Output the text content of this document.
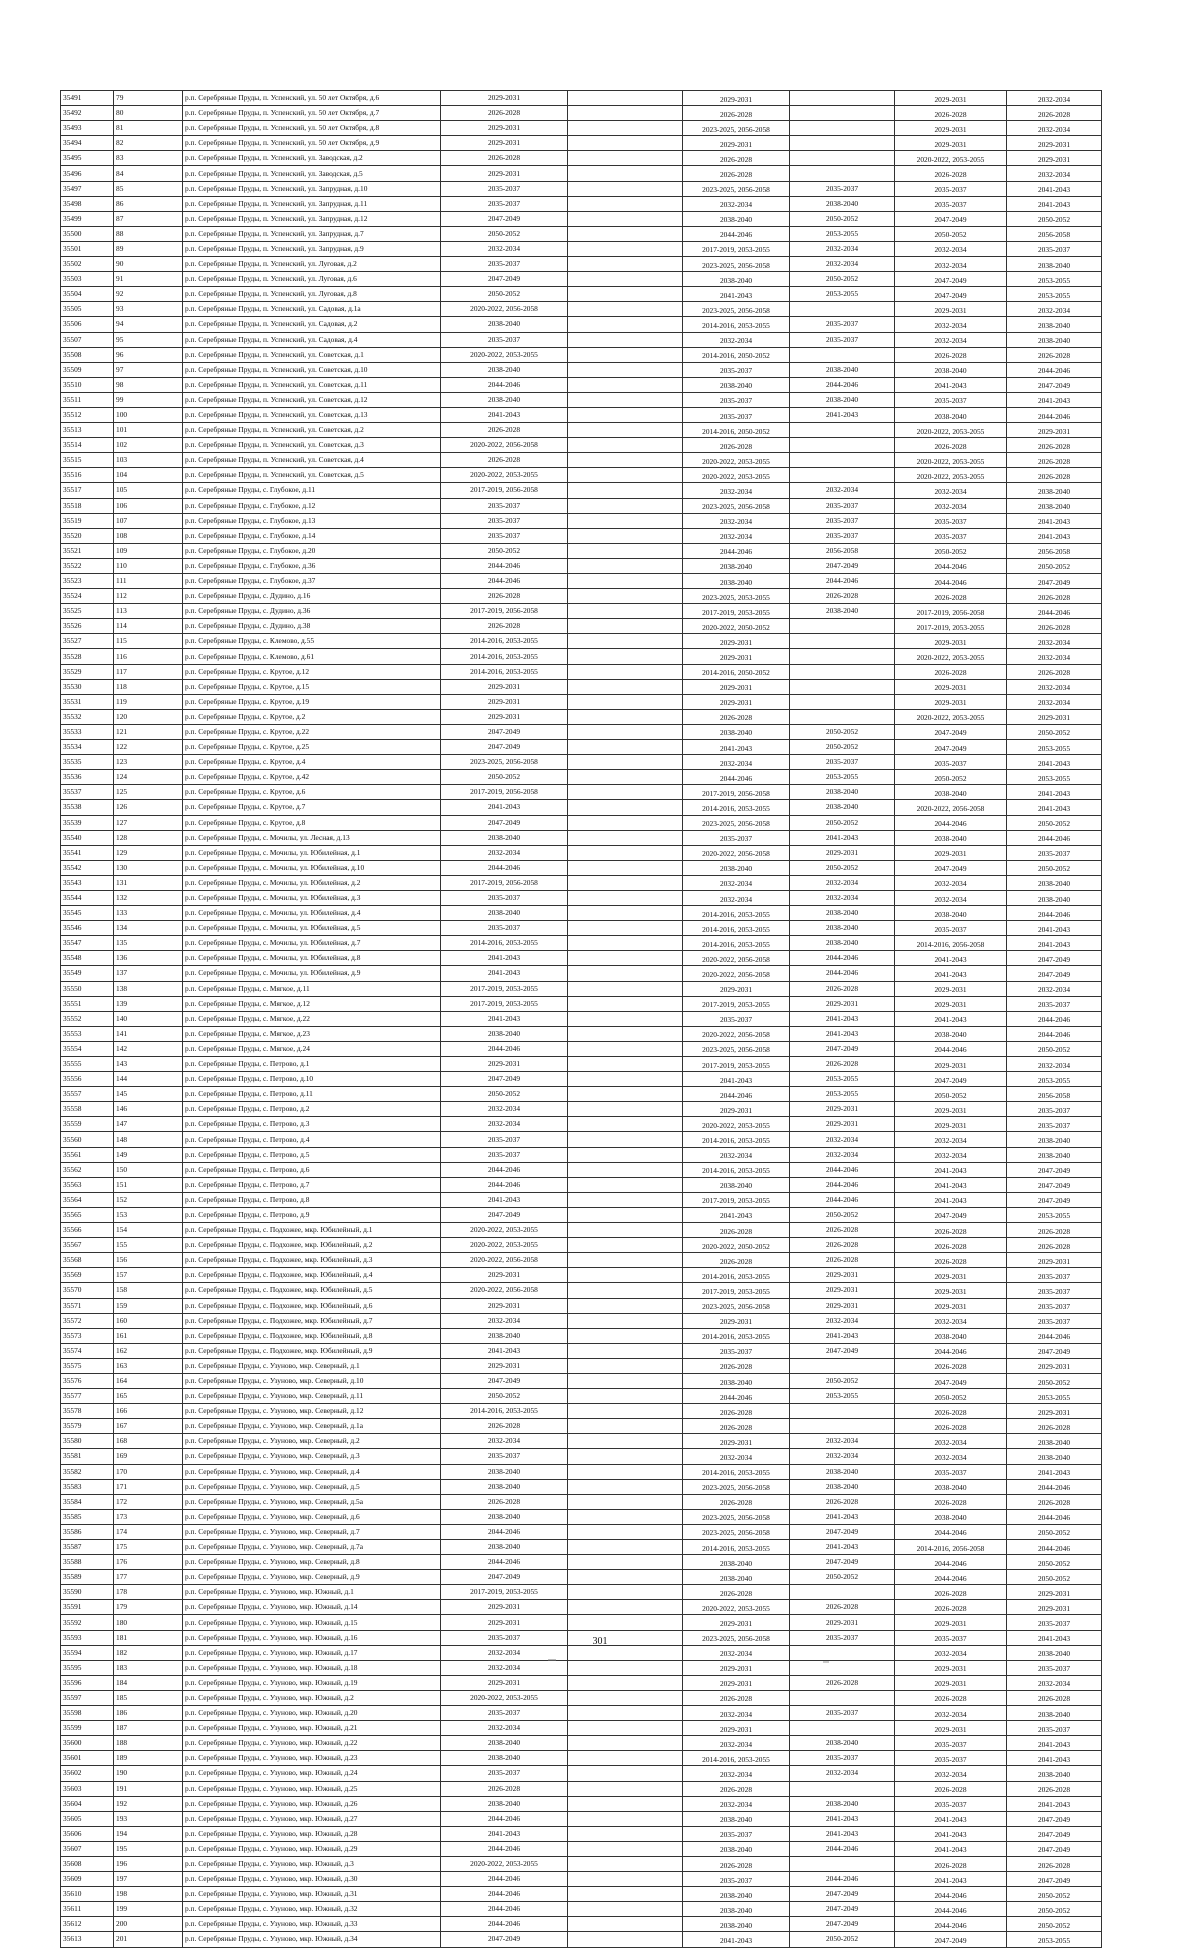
35491	79	р.п. Серебряные Пруды, п. Успенский, ул. 50 лет Октября, д.6	2029-2031		2029-2031		2029-2031	2032-2034
35492	80	р.п. Серебряные Пруды, п. Успенский, ул. 50 лет Октября, д.7	2026-2028		2026-2028		2026-2028	2026-2028
35493	81	р.п. Серебряные Пруды, п. Успенский, ул. 50 лет Октября, д.8	2029-2031		2023-2025, 2056-2058		2029-2031	2032-2034
35494	82	р.п. Серебряные Пруды, п. Успенский, ул. 50 лет Октября, д.9	2029-2031		2029-2031		2029-2031	2029-2031
35495	83	р.п. Серебряные Пруды, п. Успенский, ул. Заводская, д.2	2026-2028		2026-2028		2020-2022, 2053-2055	2029-2031
35496	84	р.п. Серебряные Пруды, п. Успенский, ул. Заводская, д.5	2029-2031		2026-2028		2026-2028	2032-2034
35497	85	р.п. Серебряные Пруды, п. Успенский, ул. Запрудная, д.10	2035-2037		2023-2025, 2056-2058	2035-2037	2035-2037	2041-2043
35498	86	р.п. Серебряные Пруды, п. Успенский, ул. Запрудная, д.11	2035-2037		2032-2034	2038-2040	2035-2037	2041-2043
35499	87	р.п. Серебряные Пруды, п. Успенский, ул. Запрудная, д.12	2047-2049		2038-2040	2050-2052	2047-2049	2050-2052
35500	88	р.п. Серебряные Пруды, п. Успенский, ул. Запрудная, д.7	2050-2052		2044-2046	2053-2055	2050-2052	2056-2058
35501	89	р.п. Серебряные Пруды, п. Успенский, ул. Запрудная, д.9	2032-2034		2017-2019, 2053-2055	2032-2034	2032-2034	2035-2037
35502	90	р.п. Серебряные Пруды, п. Успенский, ул. Луговая, д.2	2035-2037		2023-2025, 2056-2058	2032-2034	2032-2034	2038-2040
35503	91	р.п. Серебряные Пруды, п. Успенский, ул. Луговая, д.6	2047-2049		2038-2040	2050-2052	2047-2049	2053-2055
35504	92	р.п. Серебряные Пруды, п. Успенский, ул. Луговая, д.8	2050-2052		2041-2043	2053-2055	2047-2049	2053-2055
35505	93	р.п. Серебряные Пруды, п. Успенский, ул. Садовая, д.1а	2020-2022, 2056-2058		2023-2025, 2056-2058		2029-2031	2032-2034
35506	94	р.п. Серебряные Пруды, п. Успенский, ул. Садовая, д.2	2038-2040		2014-2016, 2053-2055	2035-2037	2032-2034	2038-2040
35507	95	р.п. Серебряные Пруды, п. Успенский, ул. Садовая, д.4	2035-2037		2032-2034	2035-2037	2032-2034	2038-2040
35508	96	р.п. Серебряные Пруды, п. Успенский, ул. Советская, д.1	2020-2022, 2053-2055		2014-2016, 2050-2052		2026-2028	2026-2028
35509	97	р.п. Серебряные Пруды, п. Успенский, ул. Советская, д.10	2038-2040		2035-2037	2038-2040	2038-2040	2044-2046
35510	98	р.п. Серебряные Пруды, п. Успенский, ул. Советская, д.11	2044-2046		2038-2040	2044-2046	2041-2043	2047-2049
35511	99	р.п. Серебряные Пруды, п. Успенский, ул. Советская, д.12	2038-2040		2035-2037	2038-2040	2035-2037	2041-2043
35512	100	р.п. Серебряные Пруды, п. Успенский, ул. Советская, д.13	2041-2043		2035-2037	2041-2043	2038-2040	2044-2046
35513	101	р.п. Серебряные Пруды, п. Успенский, ул. Советская, д.2	2026-2028		2014-2016, 2050-2052		2020-2022, 2053-2055	2029-2031
35514	102	р.п. Серебряные Пруды, п. Успенский, ул. Советская, д.3	2020-2022, 2056-2058		2026-2028		2026-2028	2026-2028
35515	103	р.п. Серебряные Пруды, п. Успенский, ул. Советская, д.4	2026-2028		2020-2022, 2053-2055		2020-2022, 2053-2055	2026-2028
35516	104	р.п. Серебряные Пруды, п. Успенский, ул. Советская, д.5	2020-2022, 2053-2055		2020-2022, 2053-2055		2020-2022, 2053-2055	2026-2028
35517	105	р.п. Серебряные Пруды, с. Глубокое, д.11	2017-2019, 2056-2058		2032-2034	2032-2034	2032-2034	2038-2040
35518	106	р.п. Серебряные Пруды, с. Глубокое, д.12	2035-2037		2023-2025, 2056-2058	2035-2037	2032-2034	2038-2040
35519	107	р.п. Серебряные Пруды, с. Глубокое, д.13	2035-2037		2032-2034	2035-2037	2035-2037	2041-2043
35520	108	р.п. Серебряные Пруды, с. Глубокое, д.14	2035-2037		2032-2034	2035-2037	2035-2037	2041-2043
35521	109	р.п. Серебряные Пруды, с. Глубокое, д.20	2050-2052		2044-2046	2056-2058	2050-2052	2056-2058
35522	110	р.п. Серебряные Пруды, с. Глубокое, д.36	2044-2046		2038-2040	2047-2049	2044-2046	2050-2052
35523	111	р.п. Серебряные Пруды, с. Глубокое, д.37	2044-2046		2038-2040	2044-2046	2044-2046	2047-2049
35524	112	р.п. Серебряные Пруды, с. Дудино, д.16	2026-2028		2023-2025, 2053-2055	2026-2028	2026-2028	2026-2028
35525	113	р.п. Серебряные Пруды, с. Дудино, д.36	2017-2019, 2056-2058		2017-2019, 2053-2055	2038-2040	2017-2019, 2056-2058	2044-2046
35526	114	р.п. Серебряные Пруды, с. Дудино, д.38	2026-2028		2020-2022, 2050-2052		2017-2019, 2053-2055	2026-2028
35527	115	р.п. Серебряные Пруды, с. Клемово, д.55	2014-2016, 2053-2055		2029-2031		2029-2031	2032-2034
35528	116	р.п. Серебряные Пруды, с. Клемово, д.61	2014-2016, 2053-2055		2029-2031		2020-2022, 2053-2055	2032-2034
35529	117	р.п. Серебряные Пруды, с. Крутое, д.12	2014-2016, 2053-2055		2014-2016, 2050-2052		2026-2028	2026-2028
35530	118	р.п. Серебряные Пруды, с. Крутое, д.15	2029-2031		2029-2031		2029-2031	2032-2034
35531	119	р.п. Серебряные Пруды, с. Крутое, д.19	2029-2031		2029-2031		2029-2031	2032-2034
35532	120	р.п. Серебряные Пруды, с. Крутое, д.2	2029-2031		2026-2028		2020-2022, 2053-2055	2029-2031
35533	121	р.п. Серебряные Пруды, с. Крутое, д.22	2047-2049		2038-2040	2050-2052	2047-2049	2050-2052
35534	122	р.п. Серебряные Пруды, с. Крутое, д.25	2047-2049		2041-2043	2050-2052	2047-2049	2053-2055
35535	123	р.п. Серебряные Пруды, с. Крутое, д.4	2023-2025, 2056-2058		2032-2034	2035-2037	2035-2037	2041-2043
35536	124	р.п. Серебряные Пруды, с. Крутое, д.42	2050-2052		2044-2046	2053-2055	2050-2052	2053-2055
35537	125	р.п. Серебряные Пруды, с. Крутое, д.6	2017-2019, 2056-2058		2017-2019, 2056-2058	2038-2040	2038-2040	2041-2043
35538	126	р.п. Серебряные Пруды, с. Крутое, д.7	2041-2043		2014-2016, 2053-2055	2038-2040	2020-2022, 2056-2058	2041-2043
35539	127	р.п. Серебряные Пруды, с. Крутое, д.8	2047-2049		2023-2025, 2056-2058	2050-2052	2044-2046	2050-2052
35540	128	р.п. Серебряные Пруды, с. Мочилы, ул. Лесная, д.13	2038-2040		2035-2037	2041-2043	2038-2040	2044-2046
35541	129	р.п. Серебряные Пруды, с. Мочилы, ул. Юбилейная, д.1	2032-2034		2020-2022, 2056-2058	2029-2031	2029-2031	2035-2037
35542	130	р.п. Серебряные Пруды, с. Мочилы, ул. Юбилейная, д.10	2044-2046		2038-2040	2050-2052	2047-2049	2050-2052
35543	131	р.п. Серебряные Пруды, с. Мочилы, ул. Юбилейная, д.2	2017-2019, 2056-2058		2032-2034	2032-2034	2032-2034	2038-2040
35544	132	р.п. Серебряные Пруды, с. Мочилы, ул. Юбилейная, д.3	2035-2037		2032-2034	2032-2034	2032-2034	2038-2040
35545	133	р.п. Серебряные Пруды, с. Мочилы, ул. Юбилейная, д.4	2038-2040		2014-2016, 2053-2055	2038-2040	2038-2040	2044-2046
35546	134	р.п. Серебряные Пруды, с. Мочилы, ул. Юбилейная, д.5	2035-2037		2014-2016, 2053-2055	2038-2040	2035-2037	2041-2043
35547	135	р.п. Серебряные Пруды, с. Мочилы, ул. Юбилейная, д.7	2014-2016, 2053-2055		2014-2016, 2053-2055	2038-2040	2014-2016, 2056-2058	2041-2043
35548	136	р.п. Серебряные Пруды, с. Мочилы, ул. Юбилейная, д.8	2041-2043		2020-2022, 2056-2058	2044-2046	2041-2043	2047-2049
35549	137	р.п. Серебряные Пруды, с. Мочилы, ул. Юбилейная, д.9	2041-2043		2020-2022, 2056-2058	2044-2046	2041-2043	2047-2049
35550	138	р.п. Серебряные Пруды, с. Мягкое, д.11	2017-2019, 2053-2055		2029-2031	2026-2028	2029-2031	2032-2034
35551	139	р.п. Серебряные Пруды, с. Мягкое, д.12	2017-2019, 2053-2055		2017-2019, 2053-2055	2029-2031	2029-2031	2035-2037
35552	140	р.п. Серебряные Пруды, с. Мягкое, д.22	2041-2043		2035-2037	2041-2043	2041-2043	2044-2046
35553	141	р.п. Серебряные Пруды, с. Мягкое, д.23	2038-2040		2020-2022, 2056-2058	2041-2043	2038-2040	2044-2046
35554	142	р.п. Серебряные Пруды, с. Мягкое, д.24	2044-2046		2023-2025, 2056-2058	2047-2049	2044-2046	2050-2052
35555	143	р.п. Серебряные Пруды, с. Петрово, д.1	2029-2031		2017-2019, 2053-2055	2026-2028	2029-2031	2032-2034
35556	144	р.п. Серебряные Пруды, с. Петрово, д.10	2047-2049		2041-2043	2053-2055	2047-2049	2053-2055
35557	145	р.п. Серебряные Пруды, с. Петрово, д.11	2050-2052		2044-2046	2053-2055	2050-2052	2056-2058
35558	146	р.п. Серебряные Пруды, с. Петрово, д.2	2032-2034		2029-2031	2029-2031	2029-2031	2035-2037
35559	147	р.п. Серебряные Пруды, с. Петрово, д.3	2032-2034		2020-2022, 2053-2055	2029-2031	2029-2031	2035-2037
35560	148	р.п. Серебряные Пруды, с. Петрово, д.4	2035-2037		2014-2016, 2053-2055	2032-2034	2032-2034	2038-2040
35561	149	р.п. Серебряные Пруды, с. Петрово, д.5	2035-2037		2032-2034	2032-2034	2032-2034	2038-2040
35562	150	р.п. Серебряные Пруды, с. Петрово, д.6	2044-2046		2014-2016, 2053-2055	2044-2046	2041-2043	2047-2049
35563	151	р.п. Серебряные Пруды, с. Петрово, д.7	2044-2046		2038-2040	2044-2046	2041-2043	2047-2049
35564	152	р.п. Серебряные Пруды, с. Петрово, д.8	2041-2043		2017-2019, 2053-2055	2044-2046	2041-2043	2047-2049
35565	153	р.п. Серебряные Пруды, с. Петрово, д.9	2047-2049		2041-2043	2050-2052	2047-2049	2053-2055
35566	154	р.п. Серебряные Пруды, с. Подхожее, мкр. Юбилейный, д.1	2020-2022, 2053-2055		2026-2028	2026-2028	2026-2028	2026-2028
35567	155	р.п. Серебряные Пруды, с. Подхожее, мкр. Юбилейный, д.2	2020-2022, 2053-2055		2020-2022, 2050-2052	2026-2028	2026-2028	2026-2028
35568	156	р.п. Серебряные Пруды, с. Подхожее, мкр. Юбилейный, д.3	2020-2022, 2056-2058		2026-2028	2026-2028	2026-2028	2029-2031
35569	157	р.п. Серебряные Пруды, с. Подхожее, мкр. Юбилейный, д.4	2029-2031		2014-2016, 2053-2055	2029-2031	2029-2031	2035-2037
35570	158	р.п. Серебряные Пруды, с. Подхожее, мкр. Юбилейный, д.5	2020-2022, 2056-2058		2017-2019, 2053-2055	2029-2031	2029-2031	2035-2037
35571	159	р.п. Серебряные Пруды, с. Подхожее, мкр. Юбилейный, д.6	2029-2031		2023-2025, 2056-2058	2029-2031	2029-2031	2035-2037
35572	160	р.п. Серебряные Пруды, с. Подхожее, мкр. Юбилейный, д.7	2032-2034		2029-2031	2032-2034	2032-2034	2035-2037
35573	161	р.п. Серебряные Пруды, с. Подхожее, мкр. Юбилейный, д.8	2038-2040		2014-2016, 2053-2055	2041-2043	2038-2040	2044-2046
35574	162	р.п. Серебряные Пруды, с. Подхожее, мкр. Юбилейный, д.9	2041-2043		2035-2037	2047-2049	2044-2046	2047-2049
35575	163	р.п. Серебряные Пруды, с. Узуново, мкр. Северный, д.1	2029-2031		2026-2028		2026-2028	2029-2031
35576	164	р.п. Серебряные Пруды, с. Узуново, мкр. Северный, д.10	2047-2049		2038-2040	2050-2052	2047-2049	2050-2052
35577	165	р.п. Серебряные Пруды, с. Узуново, мкр. Северный, д.11	2050-2052		2044-2046	2053-2055	2050-2052	2053-2055
35578	166	р.п. Серебряные Пруды, с. Узуново, мкр. Северный, д.12	2014-2016, 2053-2055		2026-2028		2026-2028	2029-2031
35579	167	р.п. Серебряные Пруды, с. Узуново, мкр. Северный, д.1а	2026-2028		2026-2028		2026-2028	2026-2028
35580	168	р.п. Серебряные Пруды, с. Узуново, мкр. Северный, д.2	2032-2034		2029-2031	2032-2034	2032-2034	2038-2040
35581	169	р.п. Серебряные Пруды, с. Узуново, мкр. Северный, д.3	2035-2037		2032-2034	2032-2034	2032-2034	2038-2040
35582	170	р.п. Серебряные Пруды, с. Узуново, мкр. Северный, д.4	2038-2040		2014-2016, 2053-2055	2038-2040	2035-2037	2041-2043
35583	171	р.п. Серебряные Пруды, с. Узуново, мкр. Северный, д.5	2038-2040		2023-2025, 2056-2058	2038-2040	2038-2040	2044-2046
35584	172	р.п. Серебряные Пруды, с. Узуново, мкр. Северный, д.5а	2026-2028		2026-2028	2026-2028	2026-2028	2026-2028
35585	173	р.п. Серебряные Пруды, с. Узуново, мкр. Северный, д.6	2038-2040		2023-2025, 2056-2058	2041-2043	2038-2040	2044-2046
35586	174	р.п. Серебряные Пруды, с. Узуново, мкр. Северный, д.7	2044-2046		2023-2025, 2056-2058	2047-2049	2044-2046	2050-2052
35587	175	р.п. Серебряные Пруды, с. Узуново, мкр. Северный, д.7а	2038-2040		2014-2016, 2053-2055	2041-2043	2014-2016, 2056-2058	2044-2046
35588	176	р.п. Серебряные Пруды, с. Узуново, мкр. Северный, д.8	2044-2046		2038-2040	2047-2049	2044-2046	2050-2052
35589	177	р.п. Серебряные Пруды, с. Узуново, мкр. Северный, д.9	2047-2049		2038-2040	2050-2052	2044-2046	2050-2052
35590	178	р.п. Серебряные Пруды, с. Узуново, мкр. Южный, д.1	2017-2019, 2053-2055		2026-2028		2026-2028	2029-2031
35591	179	р.п. Серебряные Пруды, с. Узуново, мкр. Южный, д.14	2029-2031		2020-2022, 2053-2055	2026-2028	2026-2028	2029-2031
35592	180	р.п. Серебряные Пруды, с. Узуново, мкр. Южный, д.15	2029-2031		2029-2031	2029-2031	2029-2031	2035-2037
35593	181	р.п. Серебряные Пруды, с. Узуново, мкр. Южный, д.16	2035-2037		2023-2025, 2056-2058	2035-2037	2035-2037	2041-2043
35594	182	р.п. Серебряные Пруды, с. Узуново, мкр. Южный, д.17	2032-2034		2032-2034		2032-2034	2038-2040
35595	183	р.п. Серебряные Пруды, с. Узуново, мкр. Южный, д.18	2032-2034		2029-2031		2029-2031	2035-2037
35596	184	р.п. Серебряные Пруды, с. Узуново, мкр. Южный, д.19	2029-2031		2029-2031	2026-2028	2029-2031	2032-2034
35597	185	р.п. Серебряные Пруды, с. Узуново, мкр. Южный, д.2	2020-2022, 2053-2055		2026-2028		2026-2028	2026-2028
35598	186	р.п. Серебряные Пруды, с. Узуново, мкр. Южный, д.20	2035-2037		2032-2034	2035-2037	2032-2034	2038-2040
35599	187	р.п. Серебряные Пруды, с. Узуново, мкр. Южный, д.21	2032-2034		2029-2031		2029-2031	2035-2037
35600	188	р.п. Серебряные Пруды, с. Узуново, мкр. Южный, д.22	2038-2040		2032-2034	2038-2040	2035-2037	2041-2043
35601	189	р.п. Серебряные Пруды, с. Узуново, мкр. Южный, д.23	2038-2040		2014-2016, 2053-2055	2035-2037	2035-2037	2041-2043
35602	190	р.п. Серебряные Пруды, с. Узуново, мкр. Южный, д.24	2035-2037		2032-2034	2032-2034	2032-2034	2038-2040
35603	191	р.п. Серебряные Пруды, с. Узуново, мкр. Южный, д.25	2026-2028		2026-2028		2026-2028	2026-2028
35604	192	р.п. Серебряные Пруды, с. Узуново, мкр. Южный, д.26	2038-2040		2032-2034	2038-2040	2035-2037	2041-2043
35605	193	р.п. Серебряные Пруды, с. Узуново, мкр. Южный, д.27	2044-2046		2038-2040	2041-2043	2041-2043	2047-2049
35606	194	р.п. Серебряные Пруды, с. Узуново, мкр. Южный, д.28	2041-2043		2035-2037	2041-2043	2041-2043	2047-2049
35607	195	р.п. Серебряные Пруды, с. Узуново, мкр. Южный, д.29	2044-2046		2038-2040	2044-2046	2041-2043	2047-2049
35608	196	р.п. Серебряные Пруды, с. Узуново, мкр. Южный, д.3	2020-2022, 2053-2055		2026-2028		2026-2028	2026-2028
35609	197	р.п. Серебряные Пруды, с. Узуново, мкр. Южный, д.30	2044-2046		2035-2037	2044-2046	2041-2043	2047-2049
35610	198	р.п. Серебряные Пруды, с. Узуново, мкр. Южный, д.31	2044-2046		2038-2040	2047-2049	2044-2046	2050-2052
35611	199	р.п. Серебряные Пруды, с. Узуново, мкр. Южный, д.32	2044-2046		2038-2040	2047-2049	2044-2046	2050-2052
35612	200	р.п. Серебряные Пруды, с. Узуново, мкр. Южный, д.33	2044-2046		2038-2040	2047-2049	2044-2046	2050-2052
35613	201	р.п. Серебряные Пруды, с. Узуново, мкр. Южный, д.34	2047-2049		2041-2043	2050-2052	2047-2049	2053-2055
301
